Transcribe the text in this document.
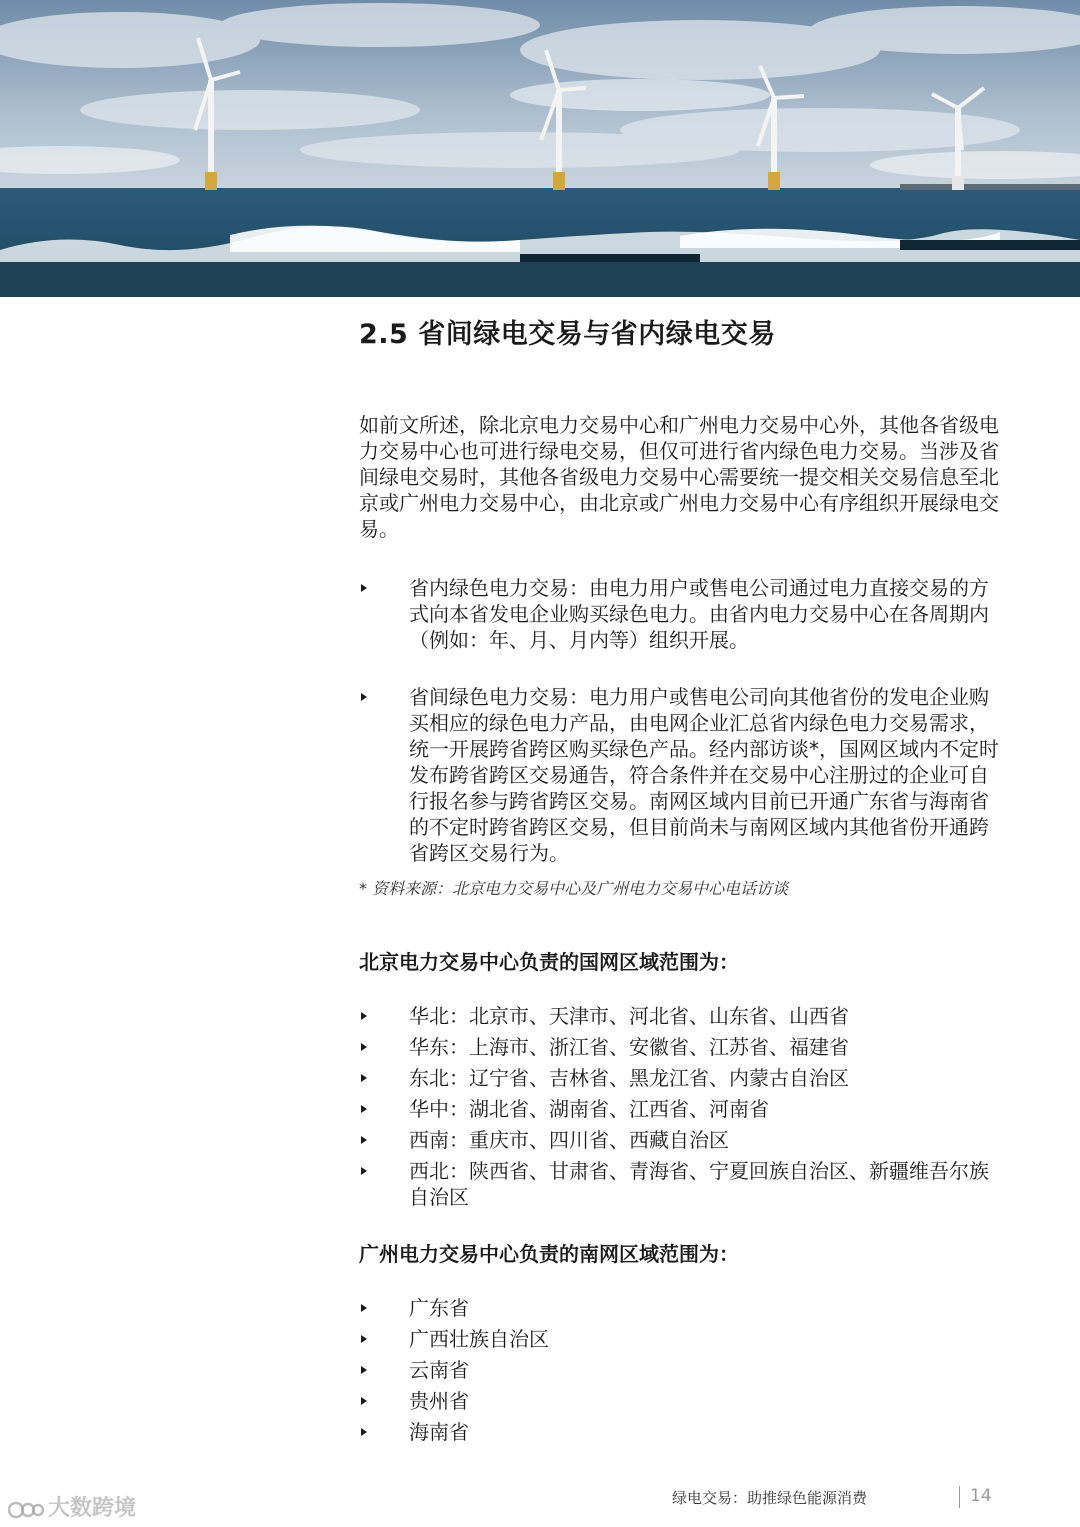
2.5 省间绿电交易与省内绿电交易
如前文所述，除北京电力交易中心和广州电力交易中心外，其他各省级电力交易中心也可进行绿电交易，但仅可进行省内绿色电力交易。当涉及省间绿电交易时，其他各省级电力交易中心需要统一提交相关交易信息至北京或广州电力交易中心，由北京或广州电力交易中心有序组织开展绿电交易。
省内绿色电力交易：由电力用户或售电公司通过电力直接交易的方式向本省发电企业购买绿色电力。由省内电力交易中心在各周期内（例如：年、月、月内等）组织开展。
省间绿色电力交易：电力用户或售电公司向其他省份的发电企业购买相应的绿色电力产品，由电网企业汇总省内绿色电力交易需求，统一开展跨省跨区购买绿色产品。经内部访谈*，国网区域内不定时发布跨省跨区交易通告，符合条件并在交易中心注册过的企业可自行报名参与跨省跨区交易。南网区域内目前已开通广东省与海南省的不定时跨省跨区交易，但目前尚未与南网区域内其他省份开通跨省跨区交易行为。
* 资料来源：北京电力交易中心及广州电力交易中心电话访谈
北京电力交易中心负责的国网区域范围为：
华北：北京市、天津市、河北省、山东省、山西省
华东：上海市、浙江省、安徽省、江苏省、福建省
东北：辽宁省、吉林省、黑龙江省、内蒙古自治区
华中：湖北省、湖南省、江西省、河南省
西南：重庆市、四川省、西藏自治区
西北：陕西省、甘肃省、青海省、宁夏回族自治区、新疆维吾尔族自治区
广州电力交易中心负责的南网区域范围为：
广东省
广西壮族自治区
云南省
贵州省
海南省
大数跨境	绿电交易：助推绿色能源消费	14
